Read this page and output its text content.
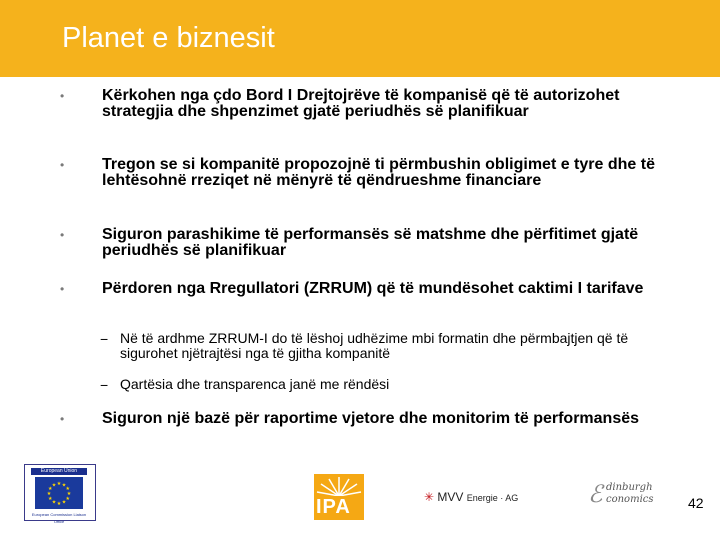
Planet e biznesit
• Kërkohen nga çdo Bord I Drejtojrëve të kompanisë që të autorizohet strategjia dhe shpenzimet gjatë periudhës së planifikuar
• Tregon se si kompanitë propozojnë ti përmbushin obligimet e tyre dhe të lehtësohnë rreziqet në mënyrë të qëndrueshme financiare
• Siguron parashikime të performansës së matshme dhe përfitimet gjatë periudhës së planifikuar
• Përdoren nga Rregullatori (ZRRUM) që të mundësohet caktimi I tarifave
− Në të ardhme ZRRUM-I do të lëshoj udhëzime mbi formatin dhe përmbajtjen që të sigurohet njëtrajtësi nga të gjitha kompanitë
− Qartësia dhe transparenca janë me rëndësi
• Siguron një bazë për raportime vjetore dhe monitorim të performansës
European Union
★ ★
★
★
★
★
★
★
★
★
★
★
European Commission Liaison Office
IPA	✳ MVV Energie · AG	ℰ dinburgh
conomics 42
